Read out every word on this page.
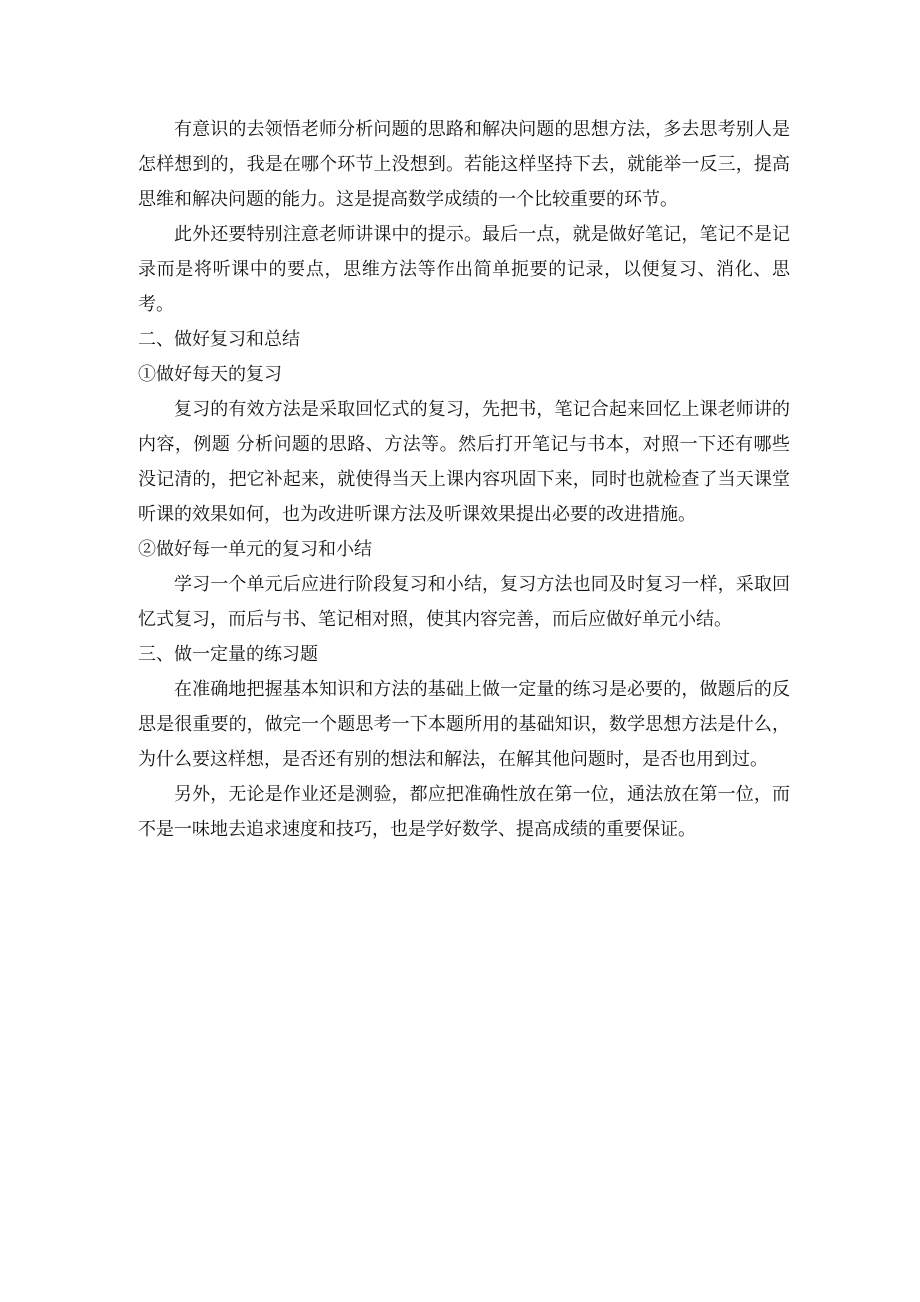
有意识的去领悟老师分析问题的思路和解决问题的思想方法，多去思考别人是怎样想到的，我是在哪个环节上没想到。若能这样坚持下去，就能举一反三，提高思维和解决问题的能力。这是提高数学成绩的一个比较重要的环节。

此外还要特别注意老师讲课中的提示。最后一点，就是做好笔记，笔记不是记录而是将听课中的要点，思维方法等作出简单扼要的记录，以便复习、消化、思考。

二、做好复习和总结

①做好每天的复习

复习的有效方法是采取回忆式的复习，先把书，笔记合起来回忆上课老师讲的内容，例题 分析问题的思路、方法等。然后打开笔记与书本，对照一下还有哪些没记清的，把它补起来，就使得当天上课内容巩固下来，同时也就检查了当天课堂听课的效果如何，也为改进听课方法及听课效果提出必要的改进措施。

②做好每一单元的复习和小结

学习一个单元后应进行阶段复习和小结，复习方法也同及时复习一样，采取回忆式复习，而后与书、笔记相对照，使其内容完善，而后应做好单元小结。

三、做一定量的练习题

在准确地把握基本知识和方法的基础上做一定量的练习是必要的，做题后的反思是很重要的，做完一个题思考一下本题所用的基础知识，数学思想方法是什么，为什么要这样想，是否还有别的想法和解法，在解其他问题时，是否也用到过。

另外，无论是作业还是测验，都应把准确性放在第一位，通法放在第一位，而不是一味地去追求速度和技巧，也是学好数学、提高成绩的重要保证。
